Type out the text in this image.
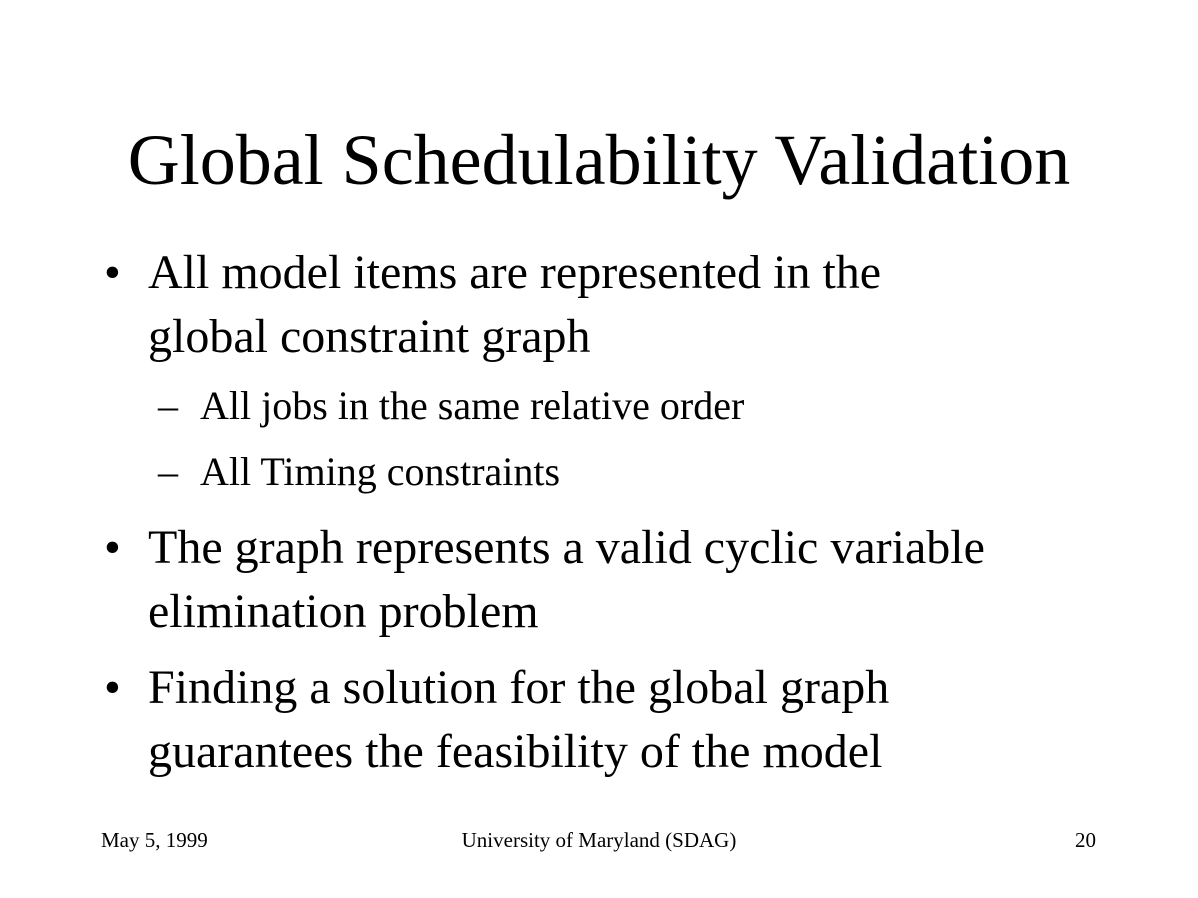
Global Schedulability Validation
• All model items are represented in the
global constraint graph
– All jobs in the same relative order
– All Timing constraints
• The graph represents a valid cyclic variable
elimination problem
• Finding a solution for the global graph
guarantees the feasibility of the model
May 5, 1999	University of Maryland (SDAG)	20
